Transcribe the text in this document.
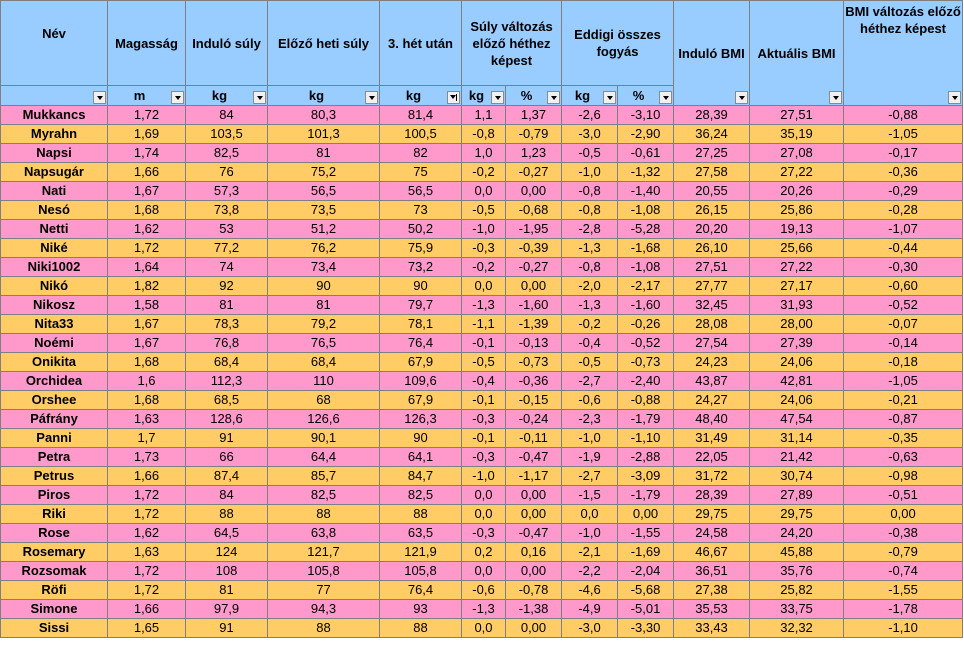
Név	Magasság	Induló súly	Előző heti súly	3. hét után	Súly változás előző héthez képest		Eddigi összes fogyás		Induló BMI	Aktuális BMI	BMI változás előző héthez képest

	m	kg	kg	kg	kg	%	kg	%			

Mukkancs	1,72	84	80,3	81,4	1,1	1,37	-2,6	-3,10	28,39	27,51	-0,88
Myrahn	1,69	103,5	101,3	100,5	-0,8	-0,79	-3,0	-2,90	36,24	35,19	-1,05
Napsi	1,74	82,5	81	82	1,0	1,23	-0,5	-0,61	27,25	27,08	-0,17
Napsugár	1,66	76	75,2	75	-0,2	-0,27	-1,0	-1,32	27,58	27,22	-0,36
Nati	1,67	57,3	56,5	56,5	0,0	0,00	-0,8	-1,40	20,55	20,26	-0,29
Nesó	1,68	73,8	73,5	73	-0,5	-0,68	-0,8	-1,08	26,15	25,86	-0,28
Netti	1,62	53	51,2	50,2	-1,0	-1,95	-2,8	-5,28	20,20	19,13	-1,07
Niké	1,72	77,2	76,2	75,9	-0,3	-0,39	-1,3	-1,68	26,10	25,66	-0,44
Niki1002	1,64	74	73,4	73,2	-0,2	-0,27	-0,8	-1,08	27,51	27,22	-0,30
Nikó	1,82	92	90	90	0,0	0,00	-2,0	-2,17	27,77	27,17	-0,60
Nikosz	1,58	81	81	79,7	-1,3	-1,60	-1,3	-1,60	32,45	31,93	-0,52
Nita33	1,67	78,3	79,2	78,1	-1,1	-1,39	-0,2	-0,26	28,08	28,00	-0,07
Noémi	1,67	76,8	76,5	76,4	-0,1	-0,13	-0,4	-0,52	27,54	27,39	-0,14
Onikita	1,68	68,4	68,4	67,9	-0,5	-0,73	-0,5	-0,73	24,23	24,06	-0,18
Orchidea	1,6	112,3	110	109,6	-0,4	-0,36	-2,7	-2,40	43,87	42,81	-1,05
Orshee	1,68	68,5	68	67,9	-0,1	-0,15	-0,6	-0,88	24,27	24,06	-0,21
Páfrány	1,63	128,6	126,6	126,3	-0,3	-0,24	-2,3	-1,79	48,40	47,54	-0,87
Panni	1,7	91	90,1	90	-0,1	-0,11	-1,0	-1,10	31,49	31,14	-0,35
Petra	1,73	66	64,4	64,1	-0,3	-0,47	-1,9	-2,88	22,05	21,42	-0,63
Petrus	1,66	87,4	85,7	84,7	-1,0	-1,17	-2,7	-3,09	31,72	30,74	-0,98
Piros	1,72	84	82,5	82,5	0,0	0,00	-1,5	-1,79	28,39	27,89	-0,51
Riki	1,72	88	88	88	0,0	0,00	0,0	0,00	29,75	29,75	0,00
Rose	1,62	64,5	63,8	63,5	-0,3	-0,47	-1,0	-1,55	24,58	24,20	-0,38
Rosemary	1,63	124	121,7	121,9	0,2	0,16	-2,1	-1,69	46,67	45,88	-0,79
Rozsomak	1,72	108	105,8	105,8	0,0	0,00	-2,2	-2,04	36,51	35,76	-0,74
Röfi	1,72	81	77	76,4	-0,6	-0,78	-4,6	-5,68	27,38	25,82	-1,55
Simone	1,66	97,9	94,3	93	-1,3	-1,38	-4,9	-5,01	35,53	33,75	-1,78
Sissi	1,65	91	88	88	0,0	0,00	-3,0	-3,30	33,43	32,32	-1,10
